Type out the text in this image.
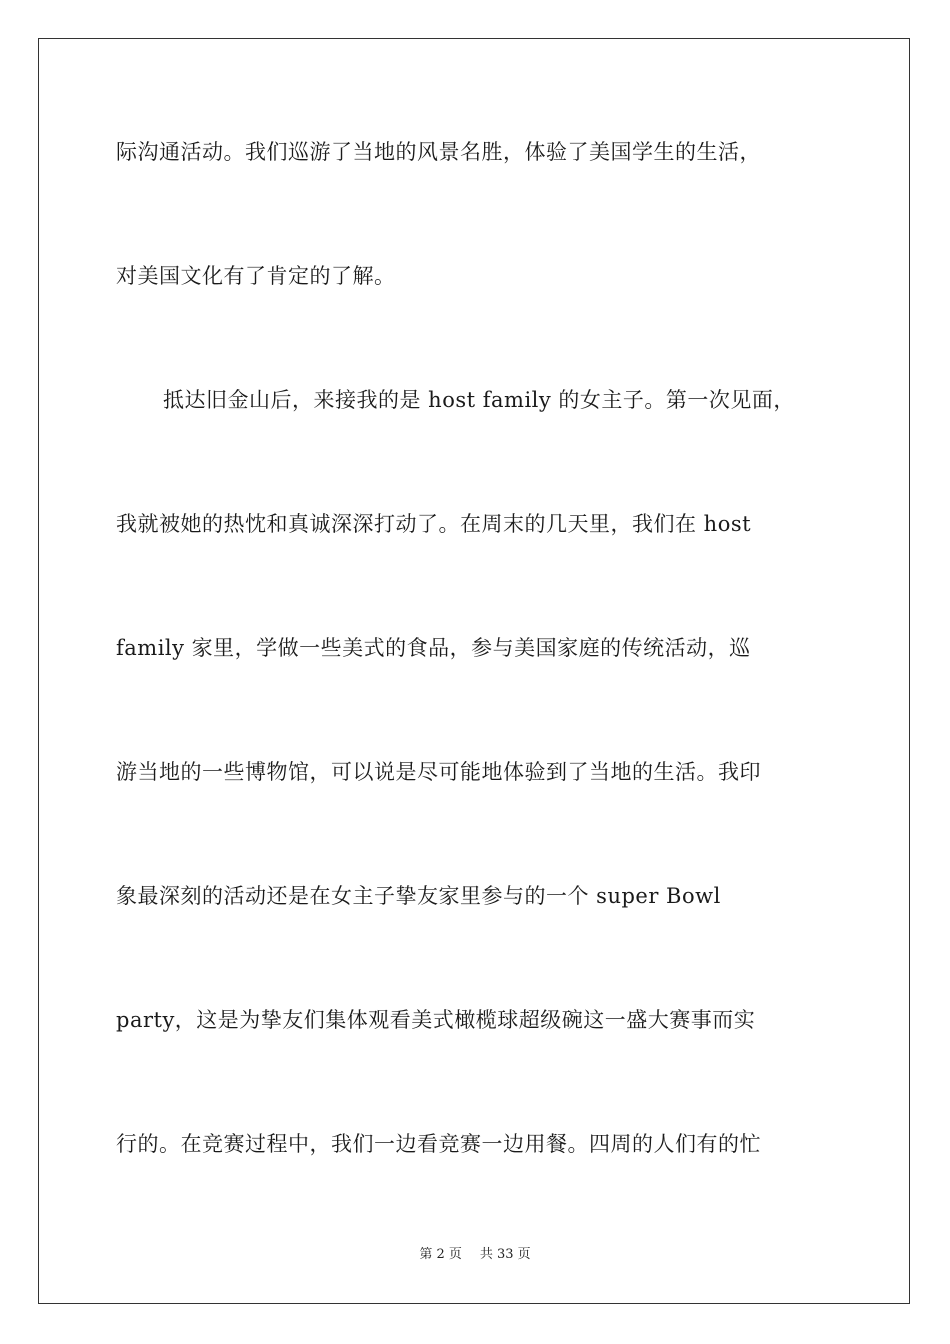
际沟通活动。我们巡游了当地的风景名胜，体验了美国学生的生活，
对美国文化有了肯定的了解。
抵达旧金山后，来接我的是 host family 的女主子。第一次见面，
我就被她的热忱和真诚深深打动了。在周末的几天里，我们在 host
family 家里，学做一些美式的食品，参与美国家庭的传统活动，巡
游当地的一些博物馆，可以说是尽可能地体验到了当地的生活。我印
象最深刻的活动还是在女主子挚友家里参与的一个 super Bowl
party，这是为挚友们集体观看美式橄榄球超级碗这一盛大赛事而实
行的。在竞赛过程中，我们一边看竞赛一边用餐。四周的人们有的忙
第 2 页 共 33 页
